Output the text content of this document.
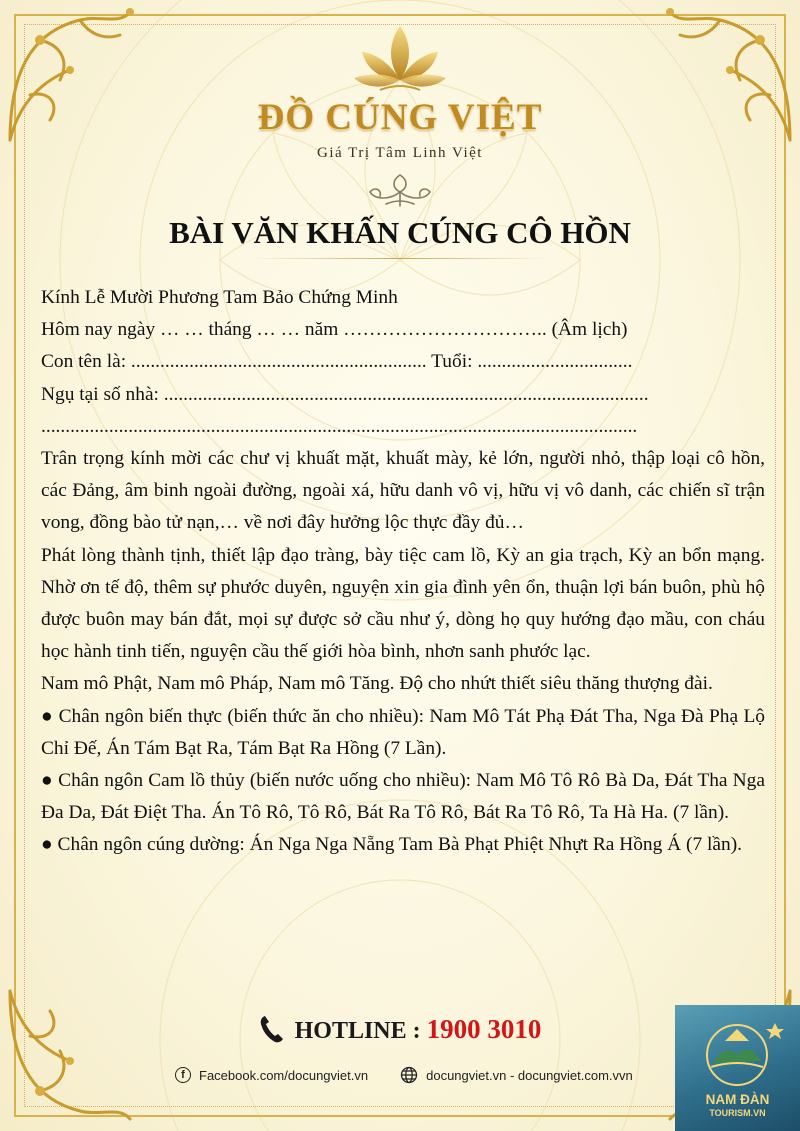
ĐỒ CÚNG VIỆT
Giá Trị Tâm Linh Việt
BÀI VĂN KHẤN CÚNG CÔ HỒN

Kính Lễ Mười Phương Tam Bảo Chứng Minh

Hôm nay ngày … … tháng … … năm ………………………….. (Âm lịch)

Con tên là: ............................................................. Tuổi: ................................

Ngụ tại số nhà: ....................................................................................................

...........................................................................................................................

Trân trọng kính mời các chư vị khuất mặt, khuất mày, kẻ lớn, người nhỏ, thập loại cô hồn, các Đảng, âm binh ngoài đường, ngoài xá, hữu danh vô vị, hữu vị vô danh, các chiến sĩ trận vong, đồng bào tử nạn,… về nơi đây hưởng lộc thực đầy đủ…

Phát lòng thành tịnh, thiết lập đạo tràng, bày tiệc cam lồ, Kỳ an gia trạch, Kỳ an bổn mạng. Nhờ ơn tế độ, thêm sự phước duyên, nguyện xin gia đình yên ổn, thuận lợi bán buôn, phù hộ được buôn may bán đắt, mọi sự được sở cầu như ý, dòng họ quy hướng đạo mầu, con cháu học hành tinh tiến, nguyện cầu thế giới hòa bình, nhơn sanh phước lạc.

Nam mô Phật, Nam mô Pháp, Nam mô Tăng. Độ cho nhứt thiết siêu thăng thượng đài.

● Chân ngôn biến thực (biến thức ăn cho nhiều): Nam Mô Tát Phạ Đát Tha, Nga Đà Phạ Lộ Chỉ Đế, Án Tám Bạt Ra, Tám Bạt Ra Hồng (7 Lần).

● Chân ngôn Cam lồ thủy (biến nước uống cho nhiều): Nam Mô Tô Rô Bà Da, Đát Tha Nga Đa Da, Đát Điệt Tha. Án Tô Rô, Tô Rô, Bát Ra Tô Rô, Bát Ra Tô Rô, Ta Hà Ha. (7 lần).

● Chân ngôn cúng dường: Án Nga Nga Nẵng Tam Bà Phạt Phiệt Nhựt Ra Hồng Á (7 lần).

HOTLINE : 1900 3010
f	Facebook.com/docungviet.vn	docungviet.vn - docungviet.com.vvn
NAM ĐÀN
TOURISM.VN
